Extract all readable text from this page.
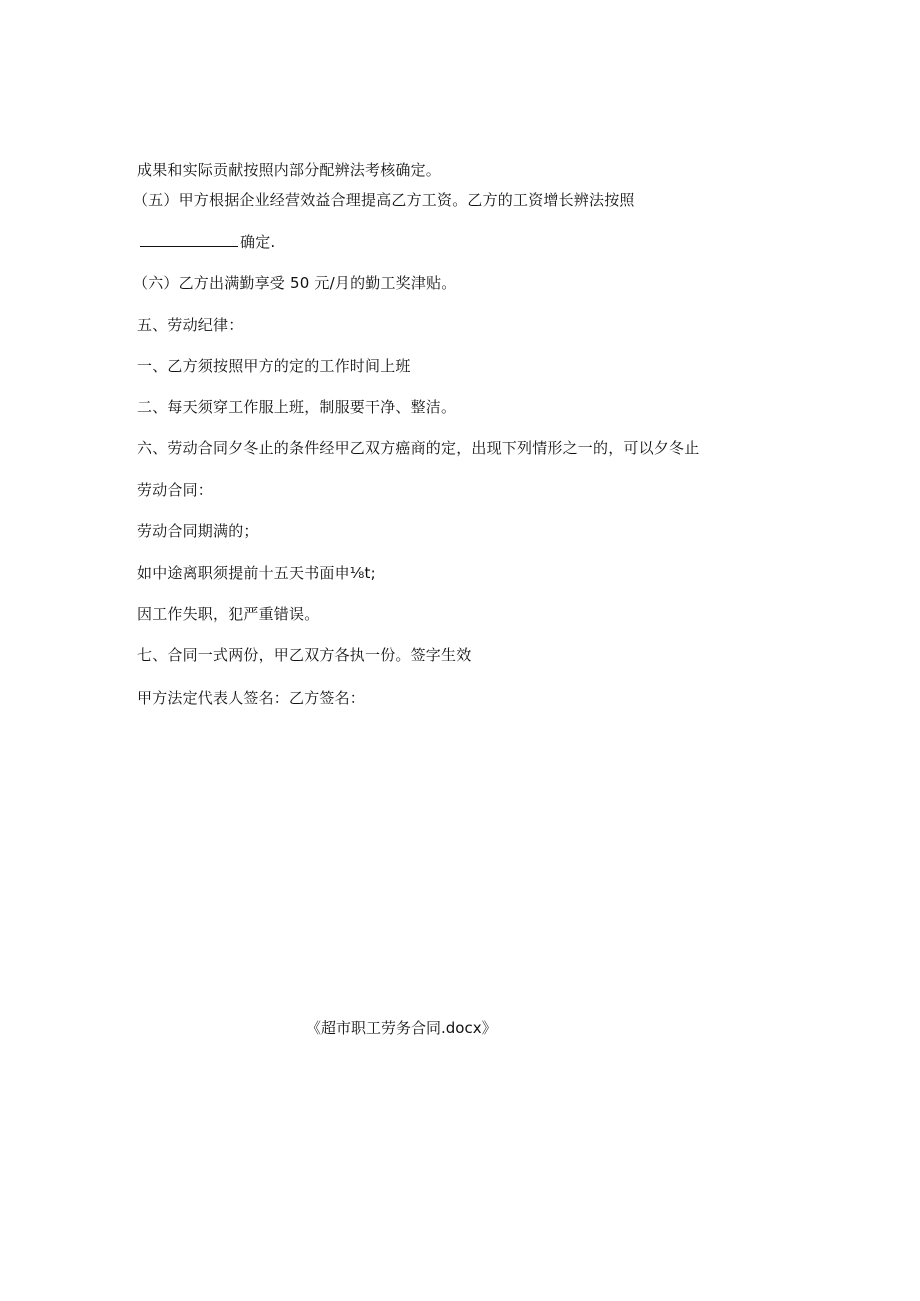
成果和实际贡献按照内部分配辨法考核确定。
（五）甲方根据企业经营效益合理提高乙方工资。乙方的工资增长辨法按照
确定.
（六）乙方出满勤享受 50 元/月的勤工奖津贴。
五、劳动纪律：
一、乙方须按照甲方的定的工作时间上班
二、每天须穿工作服上班，制服要干净、整洁。
六、劳动合同夕冬止的条件经甲乙双方癌商的定，出现下列情形之一的，可以夕冬止
劳动合同：
劳动合同期满的；
如中途离职须提前十五天书面申⅛t;
因工作失职，犯严重错误。
七、合同一式两份，甲乙双方各执一份。签字生效
甲方法定代表人签名：乙方签名：
《超市职工劳务合同.docx》
